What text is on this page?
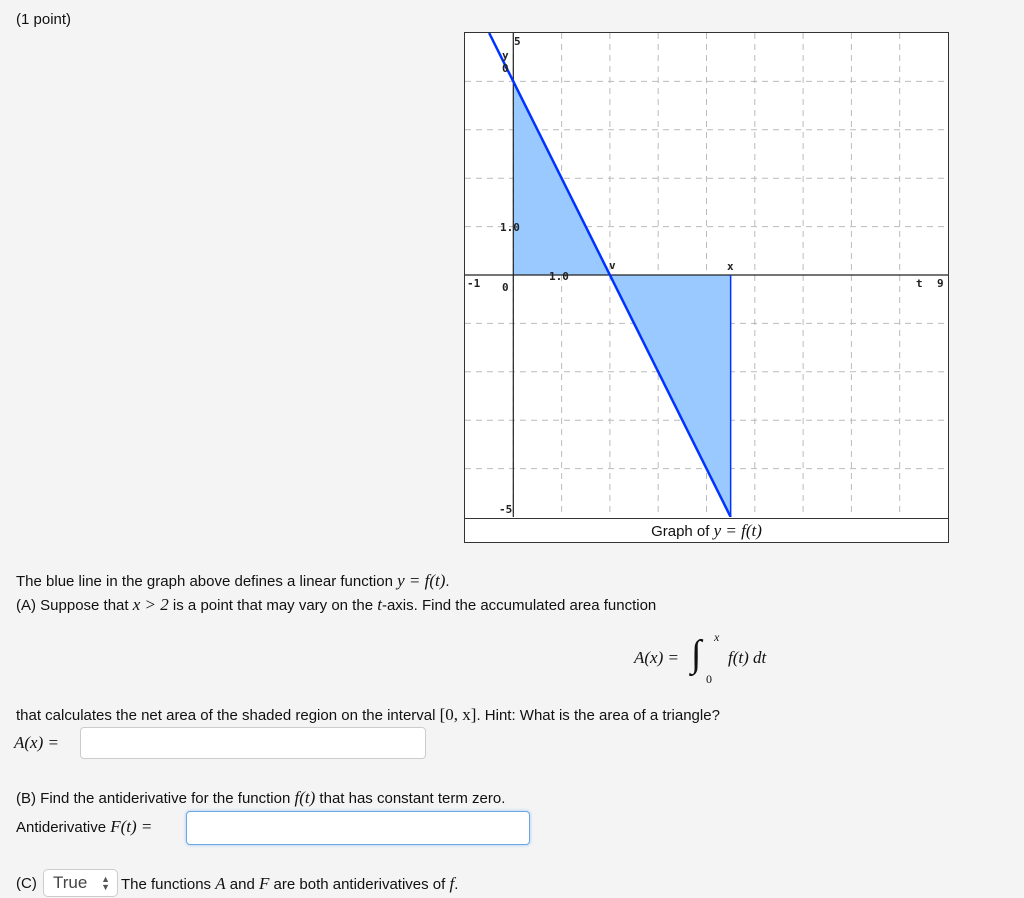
(1 point)
5
y
0
1.0
1.0
v	x
t 9
-1 0
-5
Graph of y = f(t)
The blue line in the graph above defines a linear function y = f(t).
(A) Suppose that x > 2 is a point that may vary on the t-axis. Find the accumulated area function
A(x) = ∫ x
0
f(t) dt
that calculates the net area of the shaded region on the interval [0, x]. Hint: What is the area of a triangle?
A(x) =
(B) Find the antiderivative for the function f(t) that has constant term zero.
Antiderivative F(t) =
(C) True ▲
▼ The functions A and F are both antiderivatives of f.
